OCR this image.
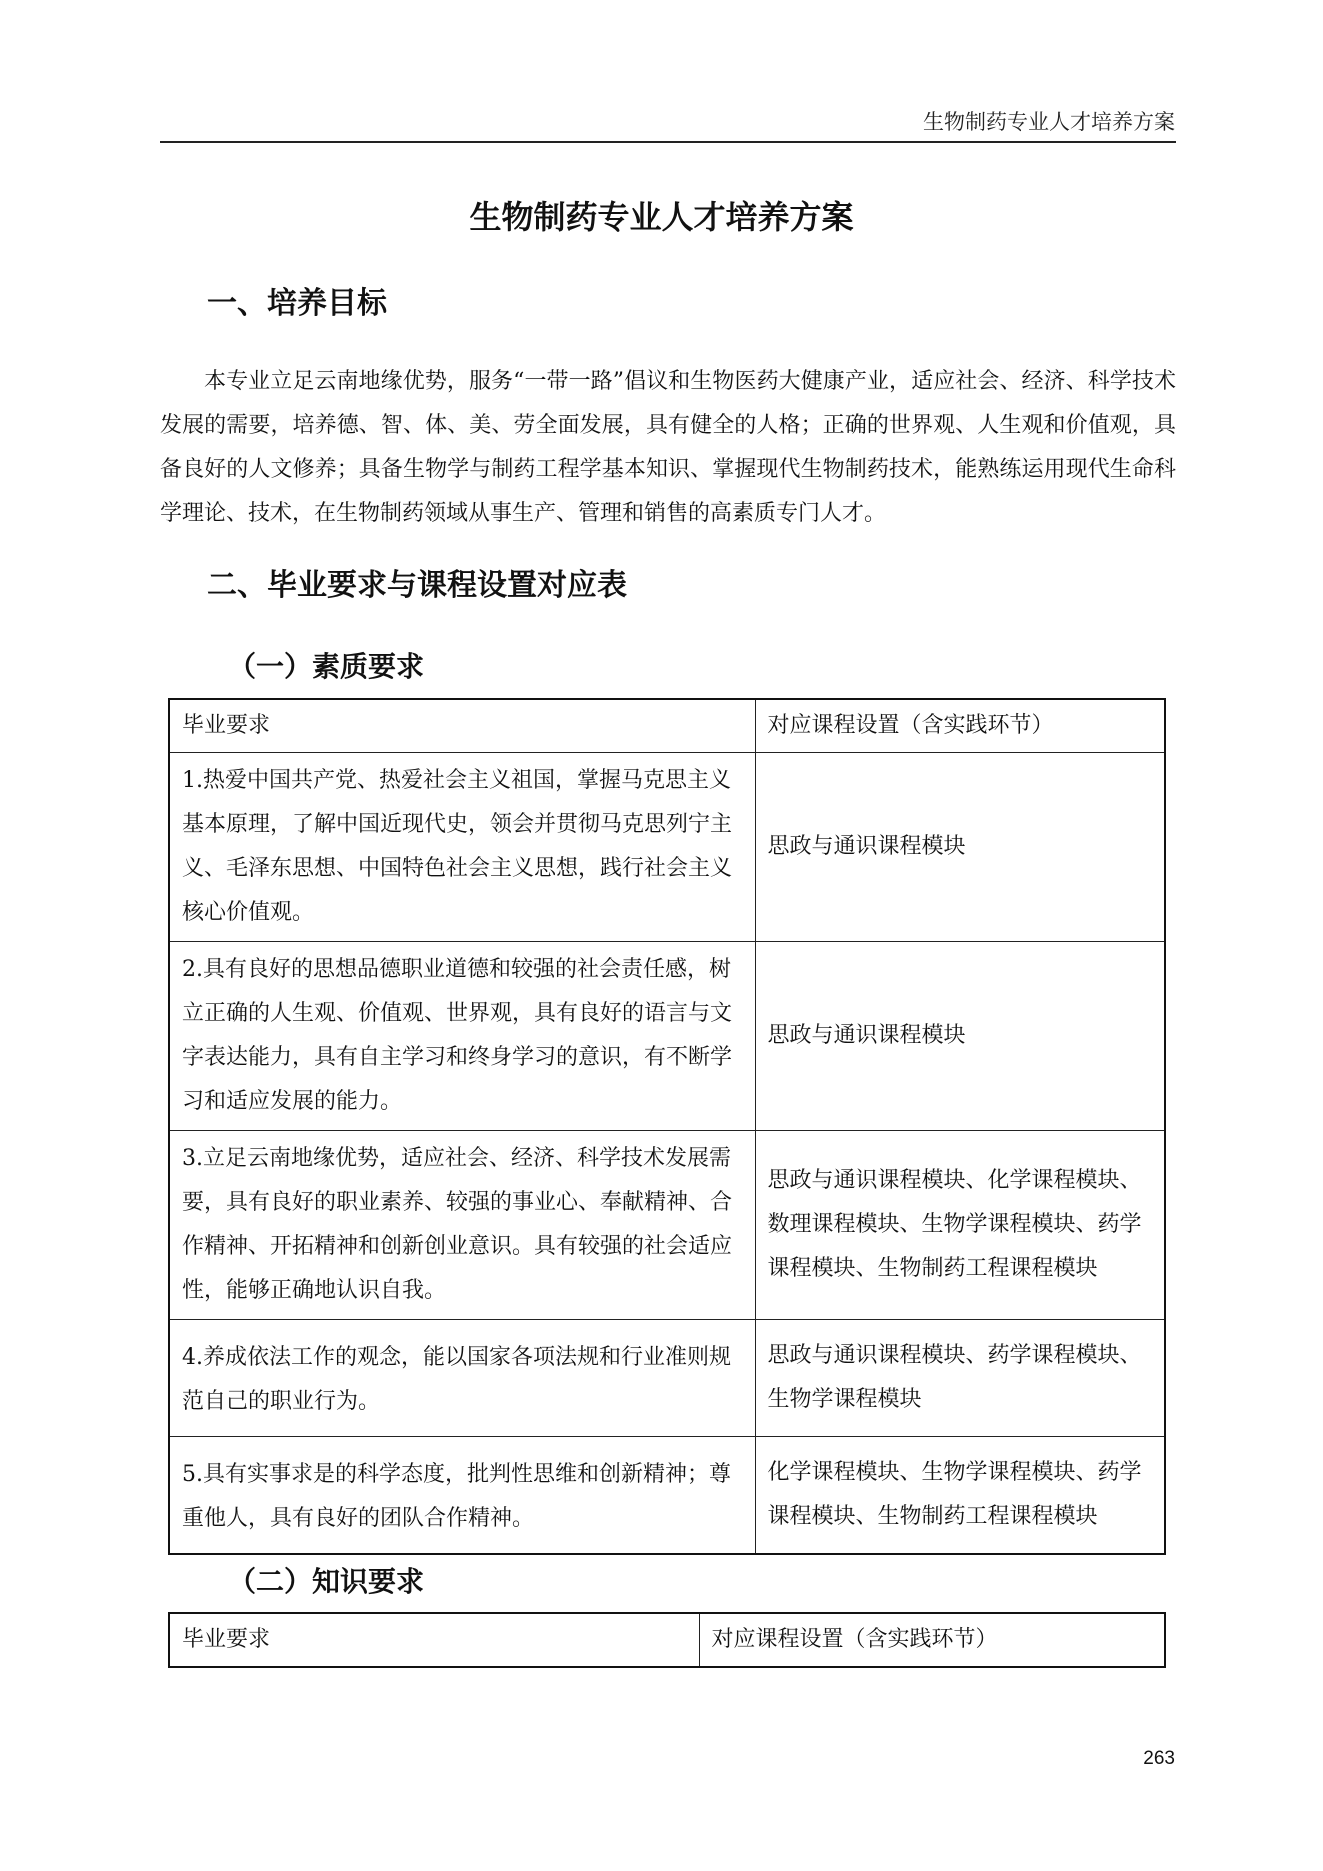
生物制药专业人才培养方案
生物制药专业人才培养方案
一、培养目标
本专业立足云南地缘优势，服务“一带一路”倡议和生物医药大健康产业，适应社会、经济、科学技术发展的需要，培养德、智、体、美、劳全面发展，具有健全的人格；正确的世界观、人生观和价值观，具备良好的人文修养；具备生物学与制药工程学基本知识、掌握现代生物制药技术，能熟练运用现代生命科学理论、技术，在生物制药领域从事生产、管理和销售的高素质专门人才。
二、毕业要求与课程设置对应表
（一）素质要求
毕业要求	对应课程设置（含实践环节）
1.热爱中国共产党、热爱社会主义祖国，掌握马克思主义基本原理，了解中国近现代史，领会并贯彻马克思列宁主义、毛泽东思想、中国特色社会主义思想，践行社会主义核心价值观。	思政与通识课程模块
2.具有良好的思想品德职业道德和较强的社会责任感，树立正确的人生观、价值观、世界观，具有良好的语言与文字表达能力，具有自主学习和终身学习的意识，有不断学习和适应发展的能力。	思政与通识课程模块
3.立足云南地缘优势，适应社会、经济、科学技术发展需要，具有良好的职业素养、较强的事业心、奉献精神、合作精神、开拓精神和创新创业意识。具有较强的社会适应性，能够正确地认识自我。	思政与通识课程模块、化学课程模块、数理课程模块、生物学课程模块、药学课程模块、生物制药工程课程模块
4.养成依法工作的观念，能以国家各项法规和行业准则规范自己的职业行为。	思政与通识课程模块、药学课程模块、生物学课程模块
5.具有实事求是的科学态度，批判性思维和创新精神；尊重他人，具有良好的团队合作精神。	化学课程模块、生物学课程模块、药学课程模块、生物制药工程课程模块
（二）知识要求
毕业要求	对应课程设置（含实践环节）
263
